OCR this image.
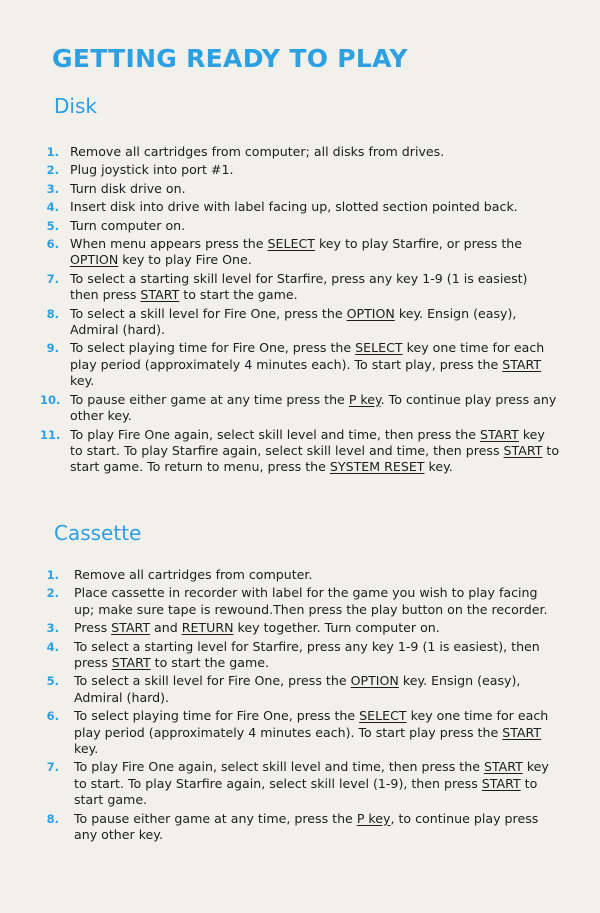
GETTING READY TO PLAY
Disk
1. Remove all cartridges from computer; all disks from drives.
2. Plug joystick into port #1.
3. Turn disk drive on.
4. Insert disk into drive with label facing up, slotted section pointed back.
5. Turn computer on.
6. When menu appears press the SELECT key to play Starfire, or press the OPTION key to play Fire One.
7. To select a starting skill level for Starfire, press any key 1-9 (1 is easiest) then press START to start the game.
8. To select a skill level for Fire One, press the OPTION key. Ensign (easy), Admiral (hard).
9. To select playing time for Fire One, press the SELECT key one time for each play period (approximately 4 minutes each). To start play, press the START key.
10. To pause either game at any time press the P key. To continue play press any other key.
11. To play Fire One again, select skill level and time, then press the START key to start. To play Starfire again, select skill level and time, then press START to start game. To return to menu, press the SYSTEM RESET key.
Cassette
1.	Remove all cartridges from computer.
2.	Place cassette in recorder with label for the game you wish to play facing up; make sure tape is rewound.Then press the play button on the recorder.
3.	Press START and RETURN key together. Turn computer on.
4.	To select a starting level for Starfire, press any key 1-9 (1 is easiest), then press START to start the game.
5.	To select a skill level for Fire One, press the OPTION key. Ensign (easy), Admiral (hard).
6.	To select playing time for Fire One, press the SELECT key one time for each play period (approximately 4 minutes each). To start play press the START key.
7.	To play Fire One again, select skill level and time, then press the START key to start. To play Starfire again, select skill level (1-9), then press START to start game.
8.	To pause either game at any time, press the P key, to continue play press any other key.
